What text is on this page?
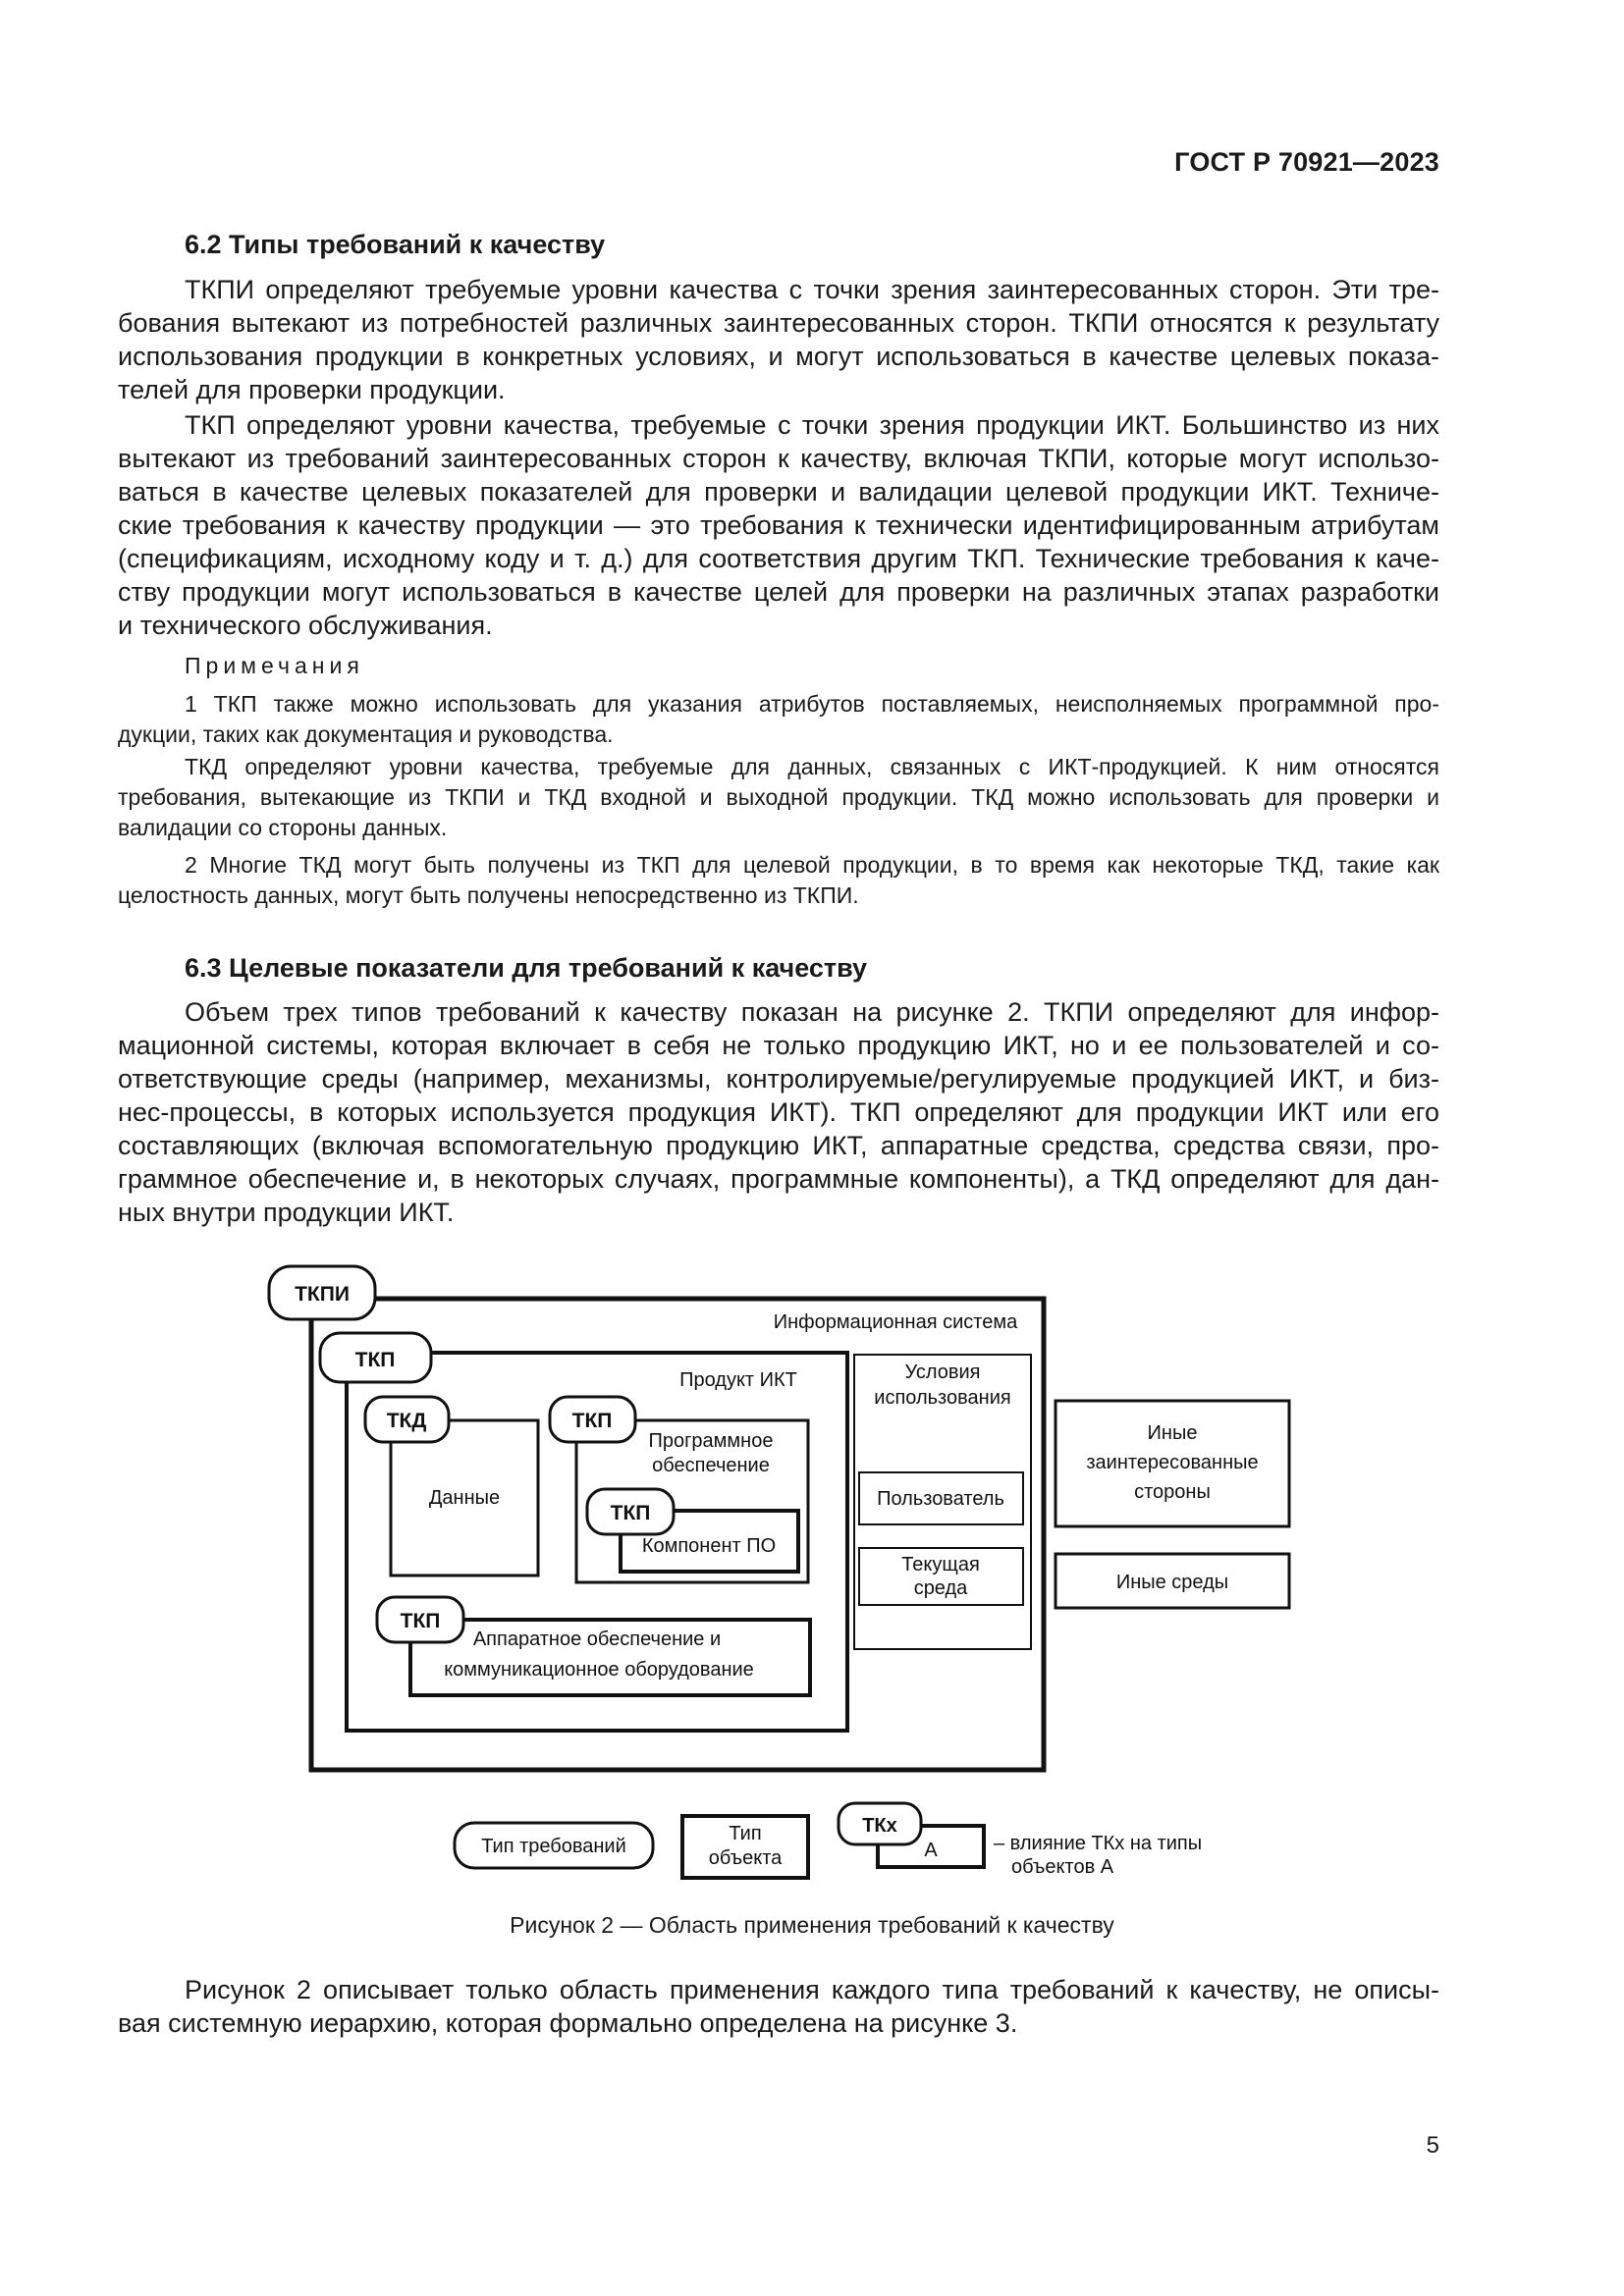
ГОСТ Р 70921—2023
6.2 Типы требований к качеству
ТКПИ определяют требуемые уровни качества с точки зрения заинтересованных сторон. Эти тре-
бования вытекают из потребностей различных заинтересованных сторон. ТКПИ относятся к результату
использования продукции в конкретных условиях, и могут использоваться в качестве целевых показа-
телей для проверки продукции.
ТКП определяют уровни качества, требуемые с точки зрения продукции ИКТ. Большинство из них
вытекают из требований заинтересованных сторон к качеству, включая ТКПИ, которые могут использо-
ваться в качестве целевых показателей для проверки и валидации целевой продукции ИКТ. Техниче-
ские требования к качеству продукции — это требования к технически идентифицированным атрибутам
(спецификациям, исходному коду и т. д.) для соответствия другим ТКП. Технические требования к каче-
ству продукции могут использоваться в качестве целей для проверки на различных этапах разработки
и технического обслуживания.
Примечания
1 ТКП также можно использовать для указания атрибутов поставляемых, неисполняемых программной про-
дукции, таких как документация и руководства.
ТКД определяют уровни качества, требуемые для данных, связанных с ИКТ-продукцией. К ним относятся
требования, вытекающие из ТКПИ и ТКД входной и выходной продукции. ТКД можно использовать для проверки и
валидации со стороны данных.
2 Многие ТКД могут быть получены из ТКП для целевой продукции, в то время как некоторые ТКД, такие как
целостность данных, могут быть получены непосредственно из ТКПИ.
6.3 Целевые показатели для требований к качеству
Объем трех типов требований к качеству показан на рисунке 2. ТКПИ определяют для инфор-
мационной системы, которая включает в себя не только продукцию ИКТ, но и ее пользователей и со-
ответствующие среды (например, механизмы, контролируемые/регулируемые продукцией ИКТ, и биз-
нес-процессы, в которых используется продукция ИКТ). ТКП определяют для продукции ИКТ или его
составляющих (включая вспомогательную продукцию ИКТ, аппаратные средства, средства связи, про-
граммное обеспечение и, в некоторых случаях, программные компоненты), а ТКД определяют для дан-
ных внутри продукции ИКТ.
ТКПИ
ТКП
ТКД	ТКП
ТКП
ТКП
Информационная система
Продукт ИКТ
Данные
Программное
обеспечение
Компонент ПО
Аппаратное обеспечение и
коммуникационное оборудование
Условия
использования
Пользователь
Текущая
среда
Иные
заинтересованные
стороны
Иные среды
Тип требований
Тип
объекта
ТКх
А	– влияние ТКх на типы
объектов А
Рисунок 2 — Область применения требований к качеству
Рисунок 2 описывает только область применения каждого типа требований к качеству, не описы-
вая системную иерархию, которая формально определена на рисунке 3.
5
